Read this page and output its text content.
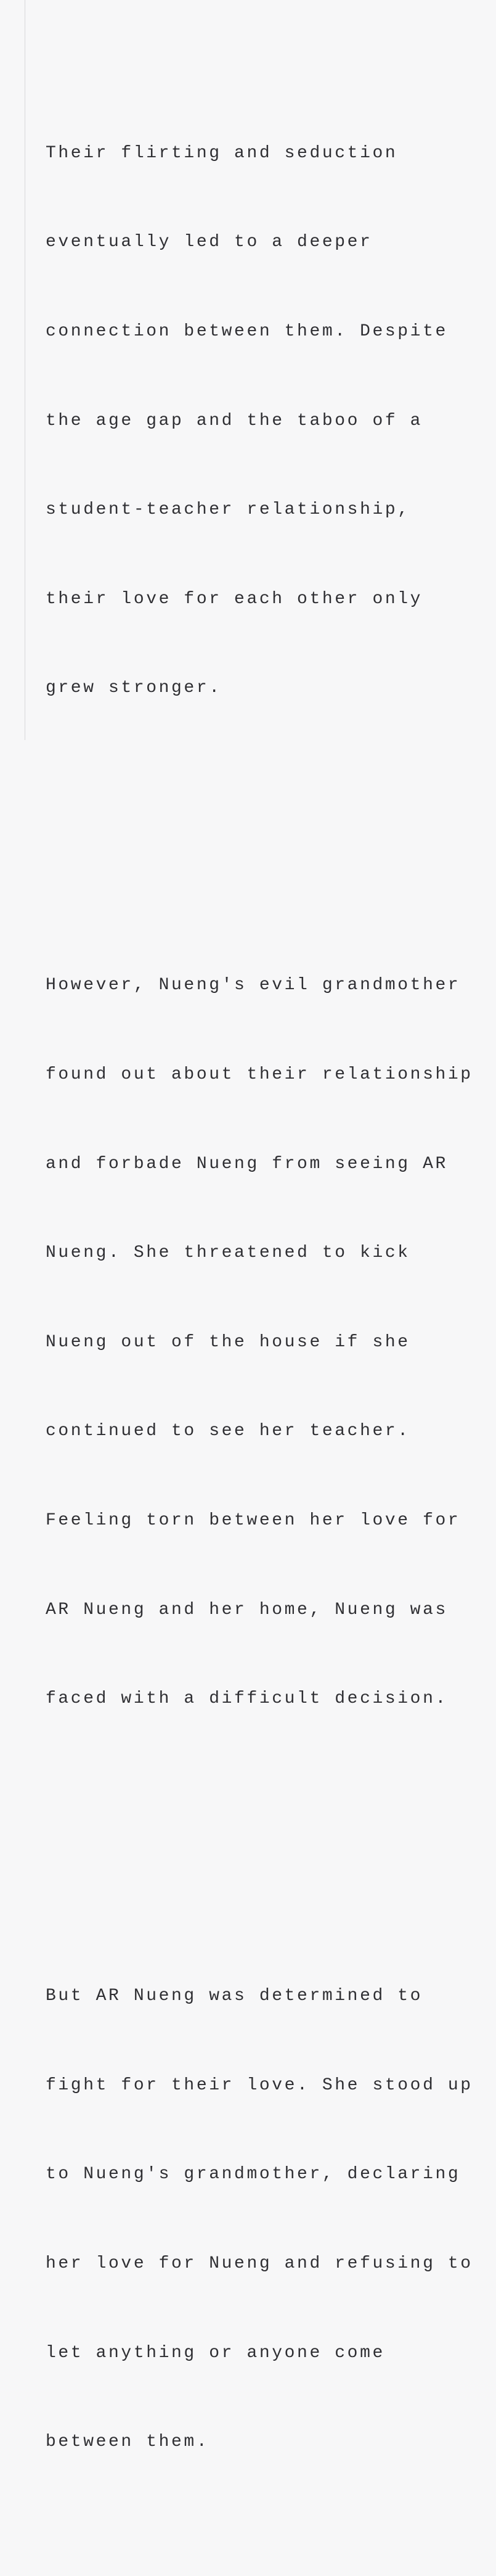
Their flirting and seduction

eventually led to a deeper

connection between them. Despite

the age gap and the taboo of a

student-teacher relationship,

their love for each other only

grew stronger.

However, Nueng's evil grandmother

found out about their relationship

and forbade Nueng from seeing AR

Nueng. She threatened to kick

Nueng out of the house if she

continued to see her teacher.

Feeling torn between her love for

AR Nueng and her home, Nueng was

faced with a difficult decision.

But AR Nueng was determined to

fight for their love. She stood up

to Nueng's grandmother, declaring

her love for Nueng and refusing to

let anything or anyone come

between them.
